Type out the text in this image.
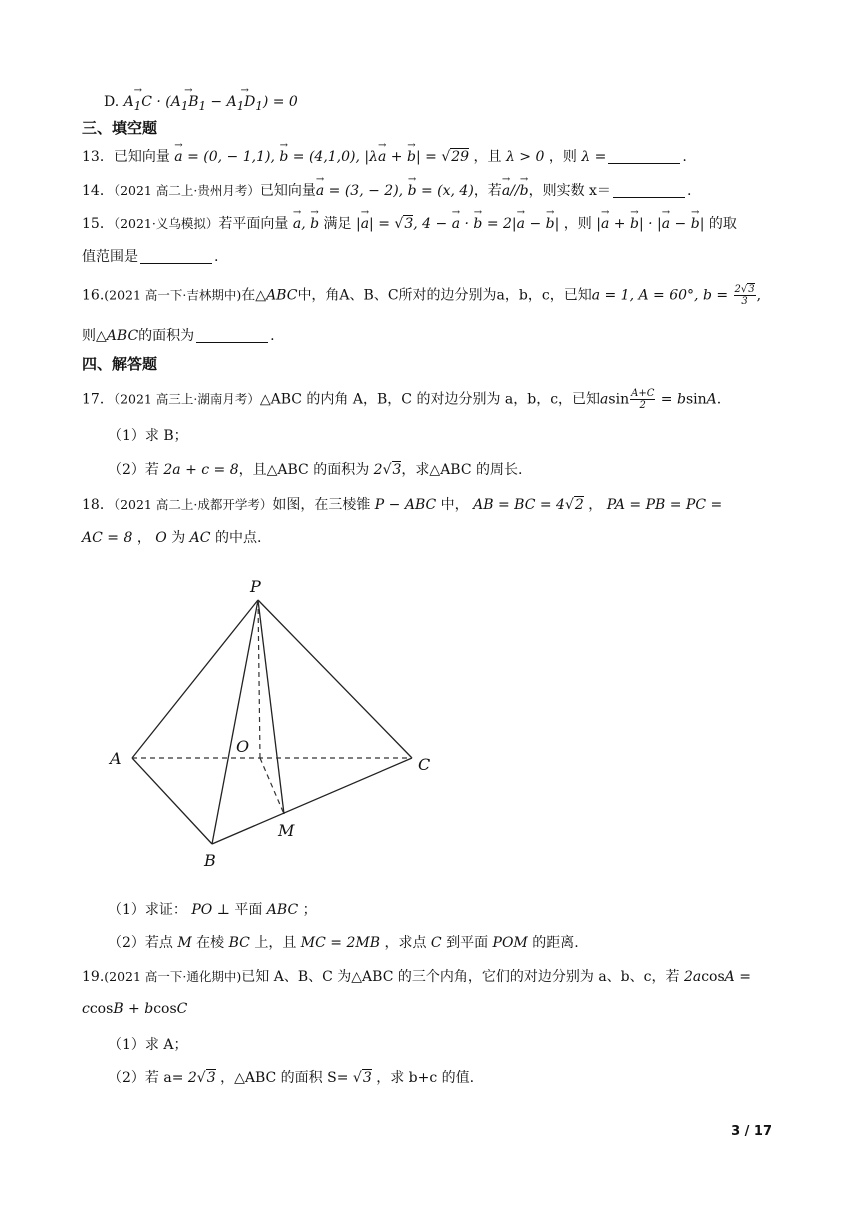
D. → $A_1C$ · (→ $A_1B_1$ − → $A_1D_1) = 0$
三、填空题
13．已知向量 → a = (0, − 1,1), → b = (4,1,0), |λ→ a + → b| = √29 ，且 λ > 0 ，则 λ =	.
14．（2021 高二上·贵州月考）已知向量→ a = (3, − 2), → b = (x, 4)，若→ a//→ b，则实数 x＝	.
15．（2021·义乌模拟）若平面向量 → a, → b 满足 |→ a| = √3, 4 − → a · → b = 2|→ a − → b| ，则 |→ a + → b| · |→ a − → b| 的取
值范围是	.
16.(2021 高一下·吉林期中)在△ABC中，角A、B、C所对的边分别为a，b，c，已知a = 1, A = 60°, $b = \frac{2√3}{3}$ ,
则△ABC的面积为	.
四、解答题
17．（2021 高三上·湖南月考）△ABC 的内角 A，B，C 的对边分别为 a，b，c，已知asin $\frac{A+C}{2} = bsinA$.
（1）求 B；
（2）若 2a + c = 8，且△ABC 的面积为 2√3，求△ABC 的周长.
18．（2021 高二上·成都开学考）如图，在三棱锥 P − ABC 中， AB = BC = 4√2 ， PA = PB = PC =
AC = 8 ， O 为 AC 的中点.
P
A
B
C
O
M
（1）求证： PO ⊥ 平面 ABC ；
（2）若点 M 在棱 BC 上，且 MC = 2MB ，求点 C 到平面 POM 的距离.
19.(2021 高一下·通化期中)已知 A、B、C 为△ABC 的三个内角，它们的对边分别为 a、b、c，若 2acosA =
ccosB + bcosC
（1）求 A；
（2）若 a= 2√3 ，△ABC 的面积 S= √3 ，求 b+c 的值.
3 / 17
